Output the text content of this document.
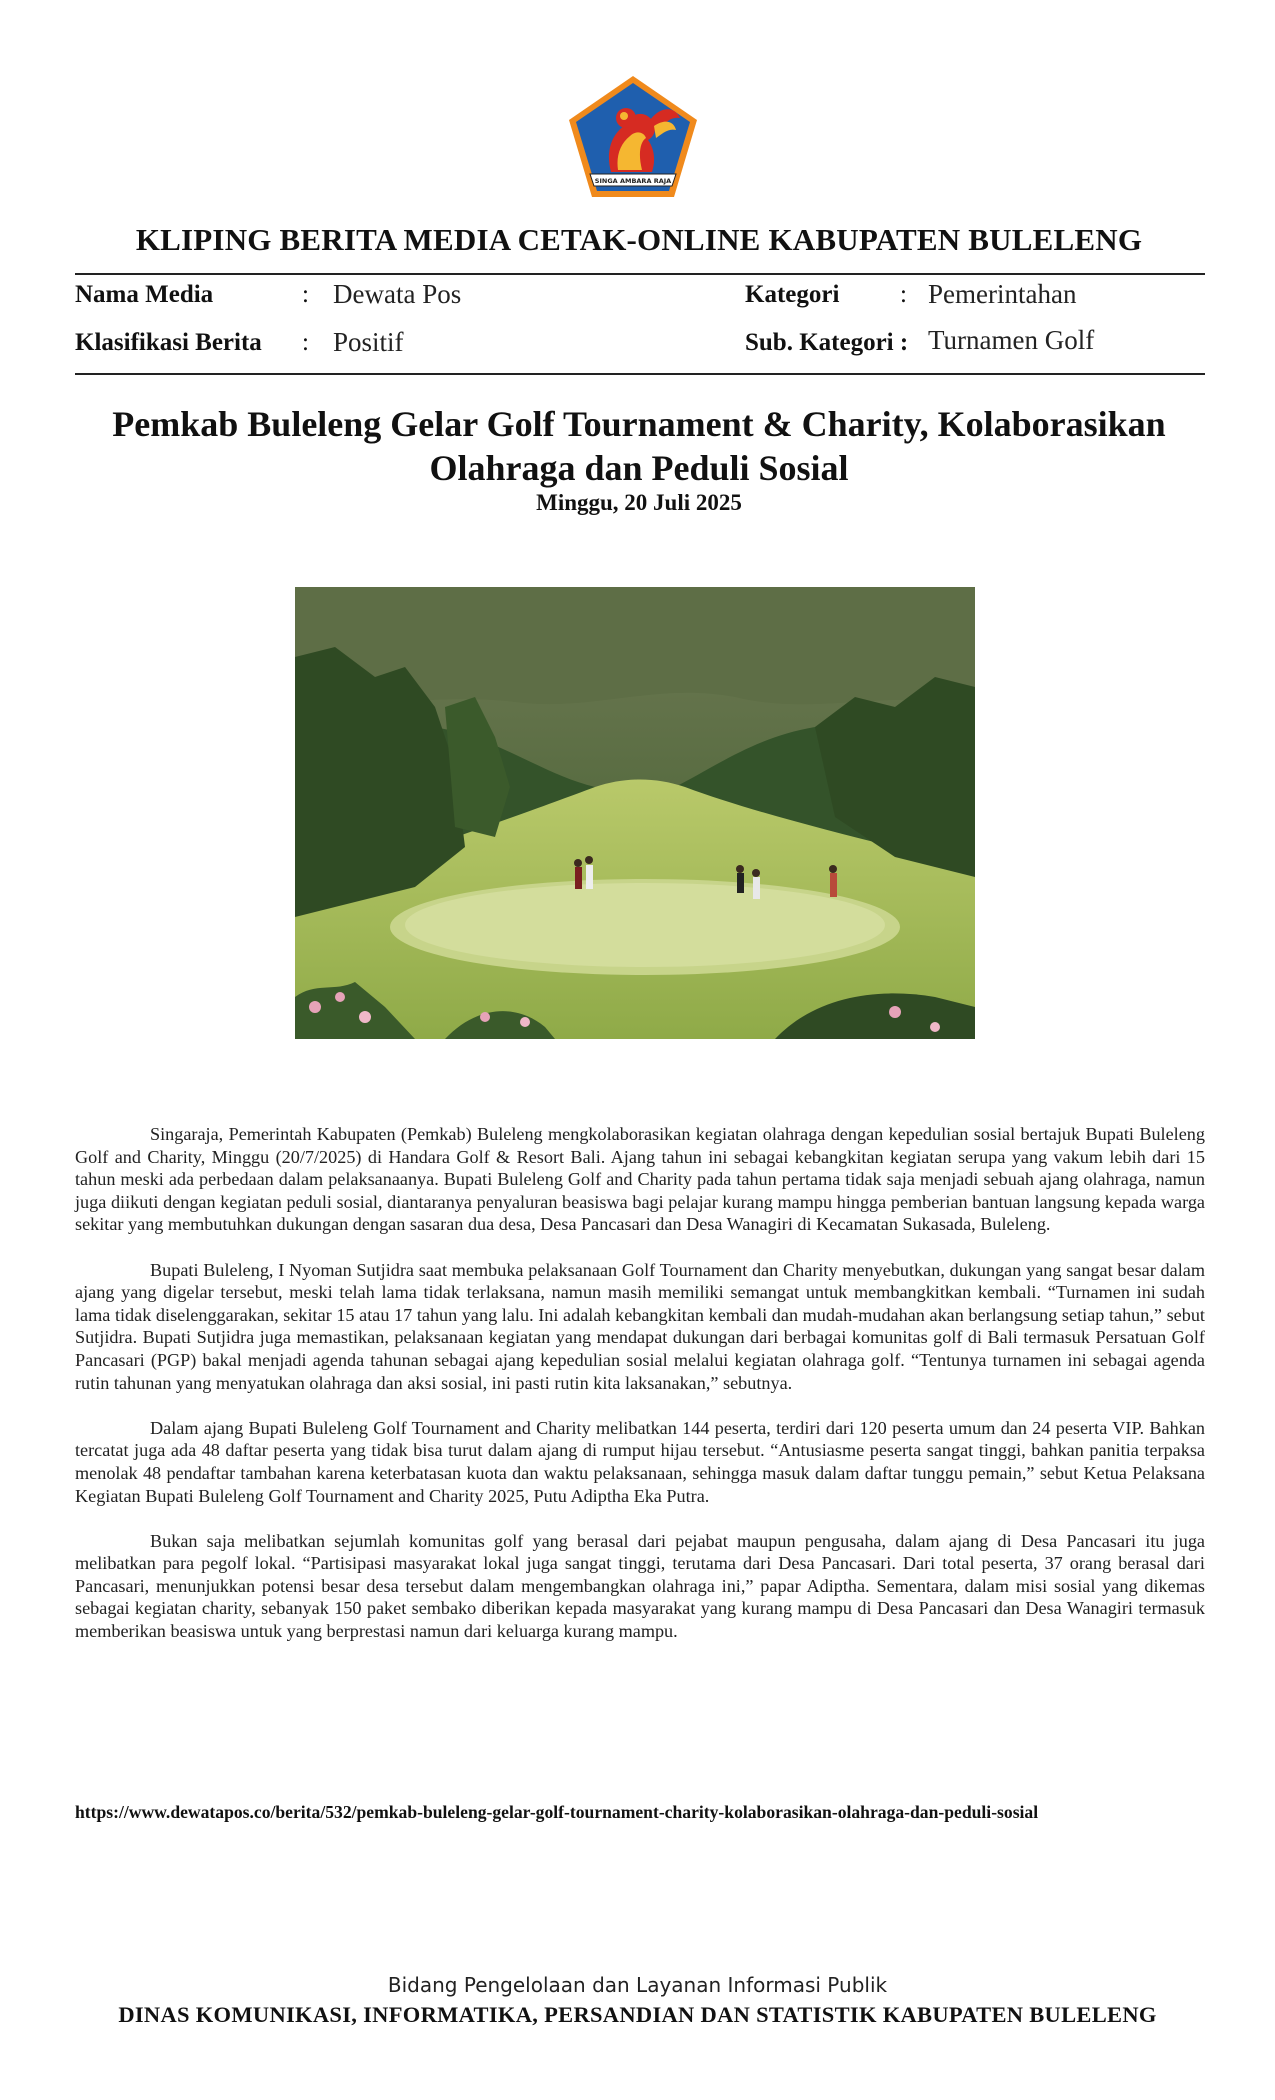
SINGA AMBARA RAJA
KLIPING BERITA MEDIA CETAK-ONLINE KABUPATEN BULELENG
Nama Media	: Dewata Pos
Klasifikasi Berita : Positif
Kategori : Pemerintahan
Sub. Kategori : Turnamen Golf
Pemkab Buleleng Gelar Golf Tournament & Charity, Kolaborasikan Olahraga dan Peduli Sosial
Minggu, 20 Juli 2025

Singaraja, Pemerintah Kabupaten (Pemkab) Buleleng mengkolaborasikan kegiatan olahraga dengan kepedulian sosial bertajuk Bupati Buleleng Golf and Charity, Minggu (20/7/2025) di Handara Golf & Resort Bali. Ajang tahun ini sebagai kebangkitan kegiatan serupa yang vakum lebih dari 15 tahun meski ada perbedaan dalam pelaksanaanya. Bupati Buleleng Golf and Charity pada tahun pertama tidak saja menjadi sebuah ajang olahraga, namun juga diikuti dengan kegiatan peduli sosial, diantaranya penyaluran beasiswa bagi pelajar kurang mampu hingga pemberian bantuan langsung kepada warga sekitar yang membutuhkan dukungan dengan sasaran dua desa, Desa Pancasari dan Desa Wanagiri di Kecamatan Sukasada, Buleleng.

Bupati Buleleng, I Nyoman Sutjidra saat membuka pelaksanaan Golf Tournament dan Charity menyebutkan, dukungan yang sangat besar dalam ajang yang digelar tersebut, meski telah lama tidak terlaksana, namun masih memiliki semangat untuk membangkitkan kembali. “Turnamen ini sudah lama tidak diselenggarakan, sekitar 15 atau 17 tahun yang lalu. Ini adalah kebangkitan kembali dan mudah-mudahan akan berlangsung setiap tahun,” sebut Sutjidra. Bupati Sutjidra juga memastikan, pelaksanaan kegiatan yang mendapat dukungan dari berbagai komunitas golf di Bali termasuk Persatuan Golf Pancasari (PGP) bakal menjadi agenda tahunan sebagai ajang kepedulian sosial melalui kegiatan olahraga golf. “Tentunya turnamen ini sebagai agenda rutin tahunan yang menyatukan olahraga dan aksi sosial, ini pasti rutin kita laksanakan,” sebutnya.

Dalam ajang Bupati Buleleng Golf Tournament and Charity melibatkan 144 peserta, terdiri dari 120 peserta umum dan 24 peserta VIP. Bahkan tercatat juga ada 48 daftar peserta yang tidak bisa turut dalam ajang di rumput hijau tersebut. “Antusiasme peserta sangat tinggi, bahkan panitia terpaksa menolak 48 pendaftar tambahan karena keterbatasan kuota dan waktu pelaksanaan, sehingga masuk dalam daftar tunggu pemain,” sebut Ketua Pelaksana Kegiatan Bupati Buleleng Golf Tournament and Charity 2025, Putu Adiptha Eka Putra.

Bukan saja melibatkan sejumlah komunitas golf yang berasal dari pejabat maupun pengusaha, dalam ajang di Desa Pancasari itu juga melibatkan para pegolf lokal. “Partisipasi masyarakat lokal juga sangat tinggi, terutama dari Desa Pancasari. Dari total peserta, 37 orang berasal dari Pancasari, menunjukkan potensi besar desa tersebut dalam mengembangkan olahraga ini,” papar Adiptha. Sementara, dalam misi sosial yang dikemas sebagai kegiatan charity, sebanyak 150 paket sembako diberikan kepada masyarakat yang kurang mampu di Desa Pancasari dan Desa Wanagiri termasuk memberikan beasiswa untuk yang berprestasi namun dari keluarga kurang mampu.

https://www.dewatapos.co/berita/532/pemkab-buleleng-gelar-golf-tournament-charity-kolaborasikan-olahraga-dan-peduli-sosial
Bidang Pengelolaan dan Layanan Informasi Publik
DINAS KOMUNIKASI, INFORMATIKA, PERSANDIAN DAN STATISTIK KABUPATEN BULELENG
